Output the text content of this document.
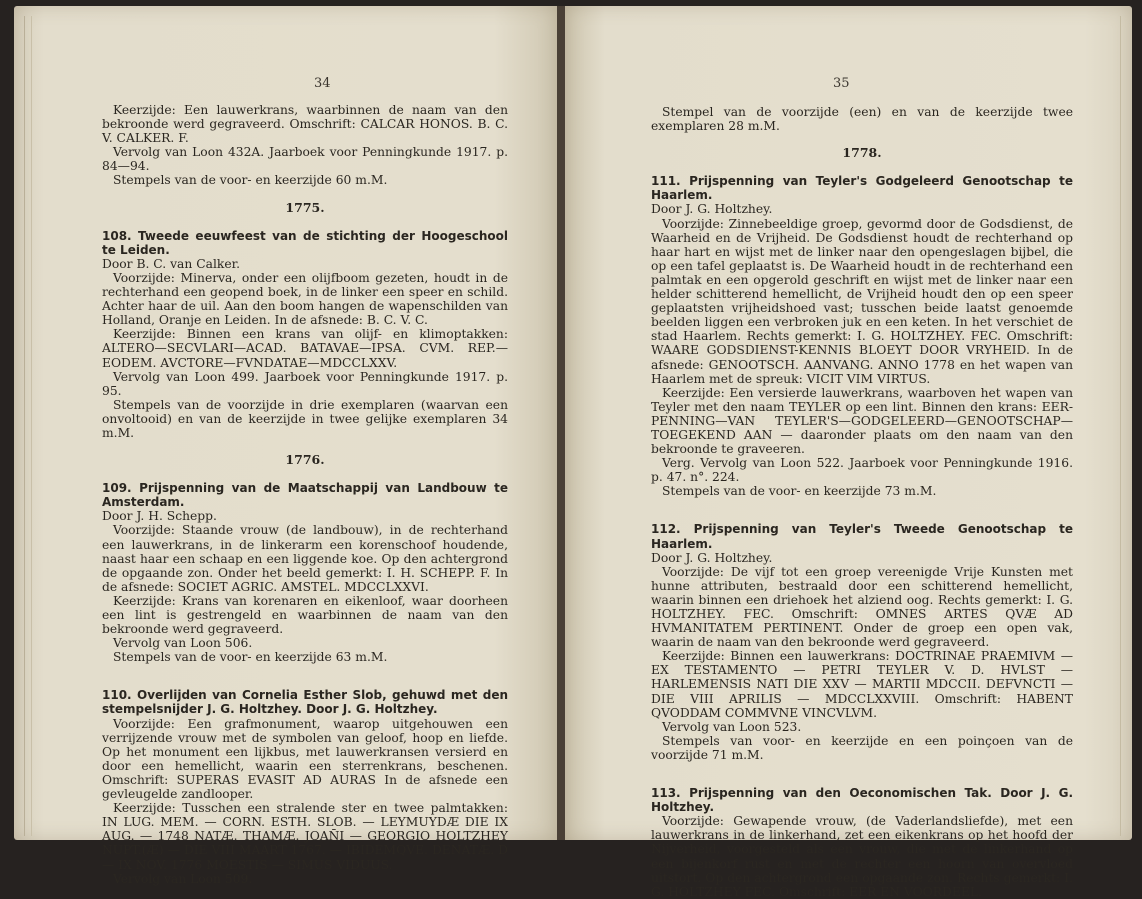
34

Keerzijde: Een lauwerkrans, waarbinnen de naam van den bekroonde werd gegraveerd. Omschrift: CALCAR HONOS. B. C. V. CALKER. F.

Vervolg van Loon 432A. Jaarboek voor Penningkunde 1917. p. 84—94.

Stempels van de voor- en keerzijde 60 m.M.

1775.

108. Tweede eeuwfeest van de stichting der Hoogeschool te Leiden.

Door B. C. van Calker.

Voorzijde: Minerva, onder een olijfboom gezeten, houdt in de rechterhand een geopend boek, in de linker een speer en schild. Achter haar de uil. Aan den boom hangen de wapenschilden van Holland, Oranje en Leiden. In de afsnede: B. C. V. C.

Keerzijde: Binnen een krans van olijf- en klimoptakken: ALTERO—SECVLARI—ACAD. BATAVAE—IPSA. CVM. REP.—EODEM. AVCTORE—FVNDATAE—MDCCLXXV.

Vervolg van Loon 499. Jaarboek voor Penningkunde 1917. p. 95.

Stempels van de voorzijde in drie exemplaren (waarvan een onvoltooid) en van de keerzijde in twee gelijke exemplaren 34 m.M.

1776.

109. Prijspenning van de Maatschappij van Landbouw te Amsterdam.

Door J. H. Schepp.

Voorzijde: Staande vrouw (de landbouw), in de rechterhand een lauwerkrans, in de linkerarm een korenschoof houdende, naast haar een schaap en een liggende koe. Op den achtergrond de opgaande zon. Onder het beeld gemerkt: I. H. SCHEPP. F. In de afsnede: SOCIET AGRIC. AMSTEL. MDCCLXXVI.

Keerzijde: Krans van korenaren en eikenloof, waar doorheen een lint is gestrengeld en waarbinnen de naam van den bekroonde werd gegraveerd.

Vervolg van Loon 506.

Stempels van de voor- en keerzijde 63 m.M.

110. Overlijden van Cornelia Esther Slob, gehuwd met den stempelsnijder J. G. Holtzhey. Door J. G. Holtzhey.

Voorzijde: Een grafmonument, waarop uitgehouwen een verrijzende vrouw met de symbolen van geloof, hoop en liefde. Op het monument een lijkbus, met lauwerkransen versierd en door een hemellicht, waarin een sterrenkrans, beschenen. Omschrift: SUPERAS EVASIT AD AURAS In de afsnede een gevleugelde zandlooper.

Keerzijde: Tusschen een stralende ster en twee palmtakken: IN LUG. MEM. — CORN. ESTH. SLOB. — LEYMUYDÆ DIE IX AUG. — 1748 NATÆ. THAMÆ. JOAN̄I — GEORGIO HOLTZHEY NUPT.(Æ) — DIE VIII MAART 1767. — IBIDEMQVE. DENATÆ. D — IX NOV. 1776 MOESTIS — SIMUS VIDUUS.

Vervolg van Loon 509.

35

Stempel van de voorzijde (een) en van de keerzijde twee exemplaren 28 m.M.

1778.

111. Prijspenning van Teyler's Godgeleerd Genootschap te Haarlem.

Door J. G. Holtzhey.

Voorzijde: Zinnebeeldige groep, gevormd door de Godsdienst, de Waarheid en de Vrijheid. De Godsdienst houdt de rechterhand op haar hart en wijst met de linker naar den opengeslagen bijbel, die op een tafel geplaatst is. De Waarheid houdt in de rechterhand een palmtak en een opgerold geschrift en wijst met de linker naar een helder schitterend hemellicht, de Vrijheid houdt den op een speer geplaatsten vrijheidshoed vast; tusschen beide laatst genoemde beelden liggen een verbroken juk en een keten. In het verschiet de stad Haarlem. Rechts gemerkt: I. G. HOLTZHEY. FEC. Omschrift: WAARE GODSDIENST-KENNIS BLOEYT DOOR VRYHEID. In de afsnede: GENOOTSCH. AANVANG. ANNO 1778 en het wapen van Haarlem met de spreuk: VICIT VIM VIRTUS.

Keerzijde: Een versierde lauwerkrans, waarboven het wapen van Teyler met den naam TEYLER op een lint. Binnen den krans: EER-PENNING—VAN TEYLER'S—GODGELEERD—GENOOTSCHAP— TOEGEKEND AAN — daaronder plaats om den naam van den bekroonde te graveeren.

Verg. Vervolg van Loon 522. Jaarboek voor Penningkunde 1916. p. 47. n°. 224.

Stempels van de voor- en keerzijde 73 m.M.

112. Prijspenning van Teyler's Tweede Genootschap te Haarlem.

Door J. G. Holtzhey.

Voorzijde: De vijf tot een groep vereenigde Vrije Kunsten met hunne attributen, bestraald door een schitterend hemellicht, waarin binnen een driehoek het alziend oog. Rechts gemerkt: I. G. HOLTZHEY. FEC. Omschrift: OMNES ARTES QVÆ AD HVMANITATEM PERTINENT. Onder de groep een open vak, waarin de naam van den bekroonde werd gegraveerd.

Keerzijde: Binnen een lauwerkrans: DOCTRINAE PRAEMIVM — EX TESTAMENTO — PETRI TEYLER V. D. HVLST — HARLEMENSIS NATI DIE XXV — MARTII MDCCII. DEFVNCTI — DIE VIII APRILIS — MDCCLXXVIII. Omschrift: HABENT QVODDAM COMMVNE VINCVLVM.

Vervolg van Loon 523.

Stempels van voor- en keerzijde en een poinçoen van de voorzijde 71 m.M.

113. Prijspenning van den Oeconomischen Tak. Door J. G. Holtzhey.

Voorzijde: Gewapende vrouw, (de Vaderlandsliefde), met een lauwerkrans in de linkerhand, zet een eikenkrans op het hoofd der Nijverheid, voorgesteld als een vrouw, die met de linkerhand op een bijenkorf rust en met de rechter een hoorn van overvloed uitstort. Op den achtergrond een opgaande zon. Rechts gemerkt: I. G. HOLTZHEY FEC. Omschrift: EER EN VOORDEEL.
